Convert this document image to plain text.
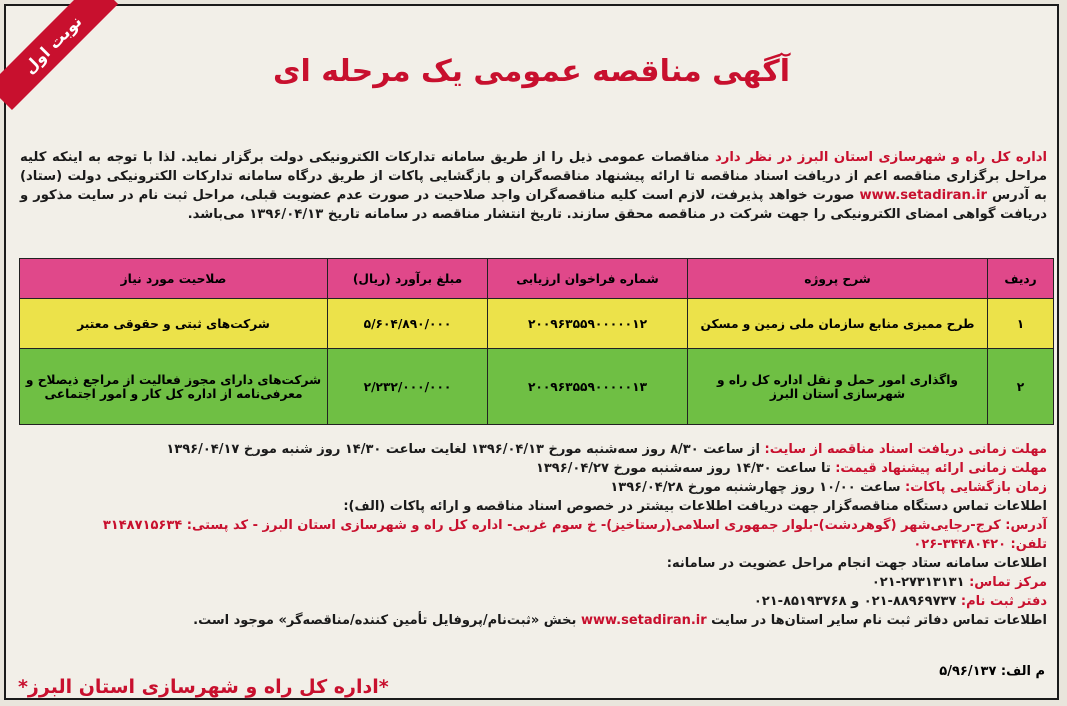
نوبت اول	آگهی مناقصه عمومی یک مرحله ای
اداره کل راه و شهرسازی استان البرز در نظر دارد مناقصات عمومی ذیل را از طریق سامانه تدارکات الکترونیکی دولت برگزار نماید. لذا با توجه به اینکه کلیه مراحل برگزاری مناقصه اعم از دریافت اسناد مناقصه تا ارائه پیشنهاد مناقصه‌گران و بازگشایی پاکات از طریق درگاه سامانه تدارکات الکترونیکی دولت (ستاد) به آدرس www.setadiran.ir صورت خواهد پذیرفت، لازم است کلیه مناقصه‌گران واجد صلاحیت در صورت عدم عضویت قبلی، مراحل ثبت نام در سایت مذکور و دریافت گواهی امضای الکترونیکی را جهت شرکت در مناقصه محقق سازند. تاریخ انتشار مناقصه در سامانه تاریخ ۱۳۹۶/۰۴/۱۳ می‌باشد.
ردیف	شرح پروژه	شماره فراخوان ارزیابی	مبلغ برآورد (ریال)	صلاحیت مورد نیاز
۱	طرح ممیزی منابع سازمان ملی زمین و مسکن	۲۰۰۹۶۳۵۵۹۰۰۰۰۰۱۲	۵/۶۰۴/۸۹۰/۰۰۰	شرکت‌های ثبتی و حقوقی معتبر
۲	واگذاری امور حمل و نقل اداره کل راه و شهرسازی استان البرز	۲۰۰۹۶۳۵۵۹۰۰۰۰۰۱۳	۲/۲۳۲/۰۰۰/۰۰۰	شرکت‌های دارای مجوز فعالیت از مراجع ذیصلاح و معرفی‌نامه از اداره کل کار و امور اجتماعی
مهلت زمانی دریافت اسناد مناقصه از سایت: از ساعت ۸/۳۰ روز سه‌شنبه مورخ ۱۳۹۶/۰۴/۱۳ لغایت ساعت ۱۴/۳۰ روز شنبه مورخ ۱۳۹۶/۰۴/۱۷
مهلت زمانی ارائه پیشنهاد قیمت: تا ساعت ۱۴/۳۰ روز سه‌شنبه مورخ ۱۳۹۶/۰۴/۲۷
زمان بازگشایی پاکات: ساعت ۱۰/۰۰ روز چهارشنبه مورخ ۱۳۹۶/۰۴/۲۸
اطلاعات تماس دستگاه مناقصه‌گزار جهت دریافت اطلاعات بیشتر در خصوص اسناد مناقصه و ارائه پاکات (الف):
آدرس: کرج-رجایی‌شهر (گوهردشت)-بلوار جمهوری اسلامی(رستاخیز)- خ سوم غربی- اداره کل راه و شهرسازی استان البرز - کد پستی: ۳۱۴۸۷۱۵۶۳۴
تلفن: ۳۴۴۸۰۴۲۰-۰۲۶
اطلاعات سامانه ستاد جهت انجام مراحل عضویت در سامانه:
مرکز تماس: ۲۷۳۱۳۱۳۱-۰۲۱
دفتر ثبت نام: ۸۸۹۶۹۷۳۷-۰۲۱ و ۸۵۱۹۳۷۶۸-۰۲۱
اطلاعات تماس دفاتر ثبت نام سایر استان‌ها در سایت www.setadiran.ir بخش «ثبت‌نام/پروفایل تأمین کننده/مناقصه‌گر» موجود است.
م الف: ۵/۹۶/۱۳۷
*اداره کل راه و شهرسازی استان البرز*
